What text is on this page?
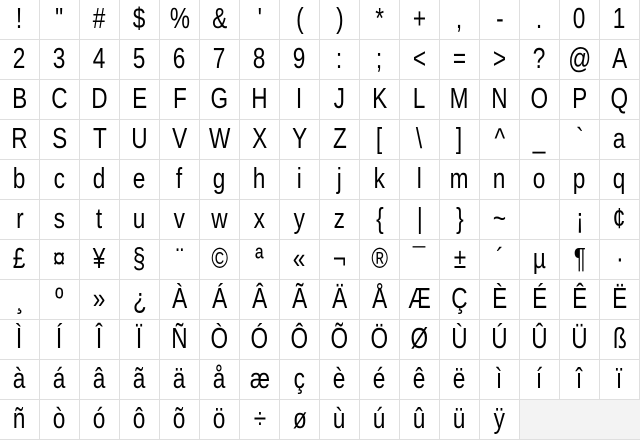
!	"	# $ % &	'	(	)	* +	,	-	.	0 1
2 3 4 5 6 7 8 9	:	;	< = > ? @ A
B C D E F G H I	J K L M N O P Q
R S T U V W X Y Z	[	\	]	^ _	`	a
b c d e	f	g h	i	j	k	l m n o p q
r	s	t	u v w x y z	{	|	}	~	¡	¢
£ ¤ ¥ §	¨ © ª	« ¬ ® ¯ ±	´	µ ¶	·
¸	º	» ¿ À Á Â Ã Ä Å Æ Ç È É Ê Ë
Ì	Í	Î	Ï Ñ Ò Ó Ô Õ Ö Ø Ù Ú Û Ü ß
à á â ã ä å æ ç è é ê ë	ì	í	î	ï
ñ ò ó ô õ ö ÷ ø ù ú û ü ÿ
